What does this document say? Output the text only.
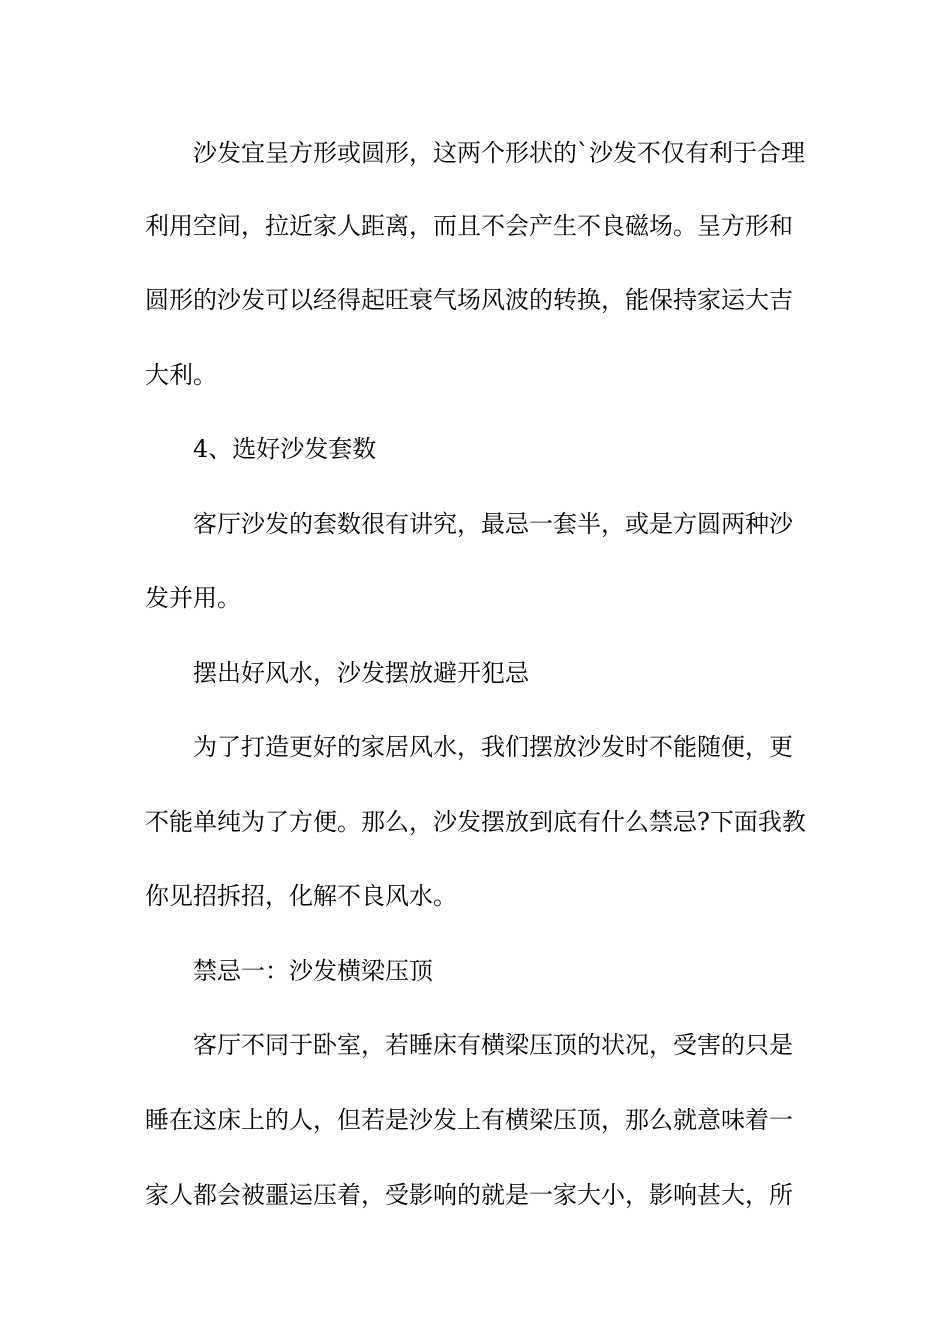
沙发宜呈方形或圆形，这两个形状的`沙发不仅有利于合理
利用空间，拉近家人距离，而且不会产生不良磁场。呈方形和
圆形的沙发可以经得起旺衰气场风波的转换，能保持家运大吉
大利。
4、选好沙发套数
客厅沙发的套数很有讲究，最忌一套半，或是方圆两种沙
发并用。
摆出好风水，沙发摆放避开犯忌
为了打造更好的家居风水，我们摆放沙发时不能随便，更
不能单纯为了方便。那么，沙发摆放到底有什么禁忌?下面我教
你见招拆招，化解不良风水。
禁忌一：沙发横梁压顶
客厅不同于卧室，若睡床有横梁压顶的状况，受害的只是
睡在这床上的人，但若是沙发上有横梁压顶，那么就意味着一
家人都会被噩运压着，受影响的就是一家大小，影响甚大，所
